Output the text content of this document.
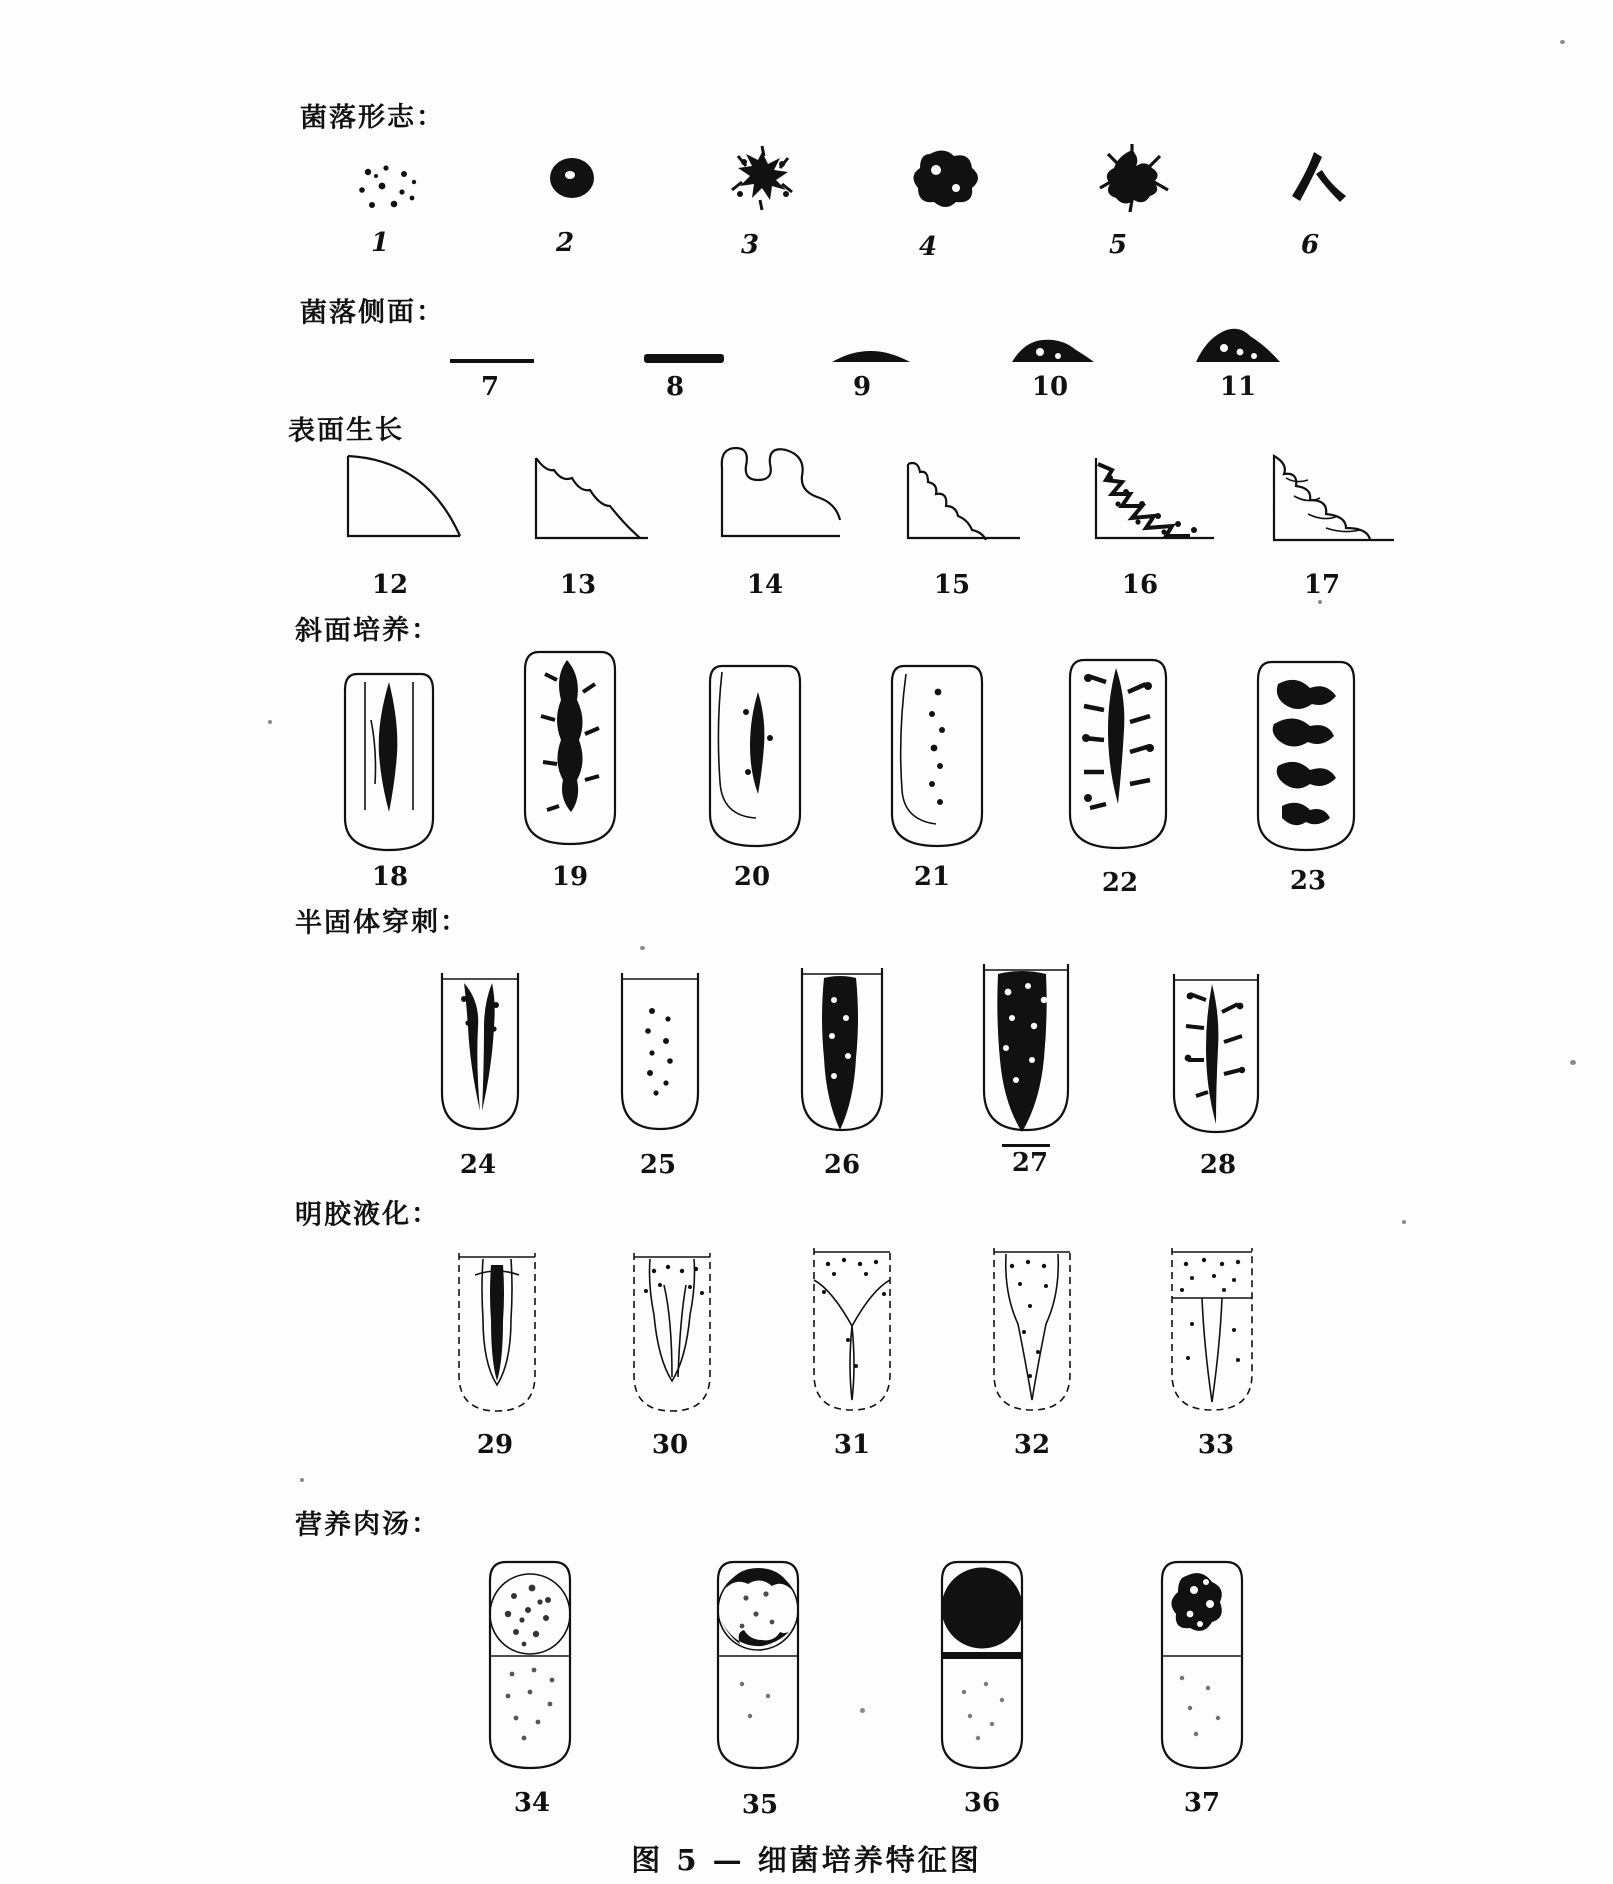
菌落形志：
1	2	3	4	5	6
菌落侧面：
7	8	9	10	11
表面生长
12	13	14	15	16	17
斜面培养：
18	19	20	21	22	23
半固体穿刺：
24	25	26	27	28
明胶液化：
29	30	31	32	33
营养肉汤：
34	35	36	37
图 5 — 细菌培养特征图
